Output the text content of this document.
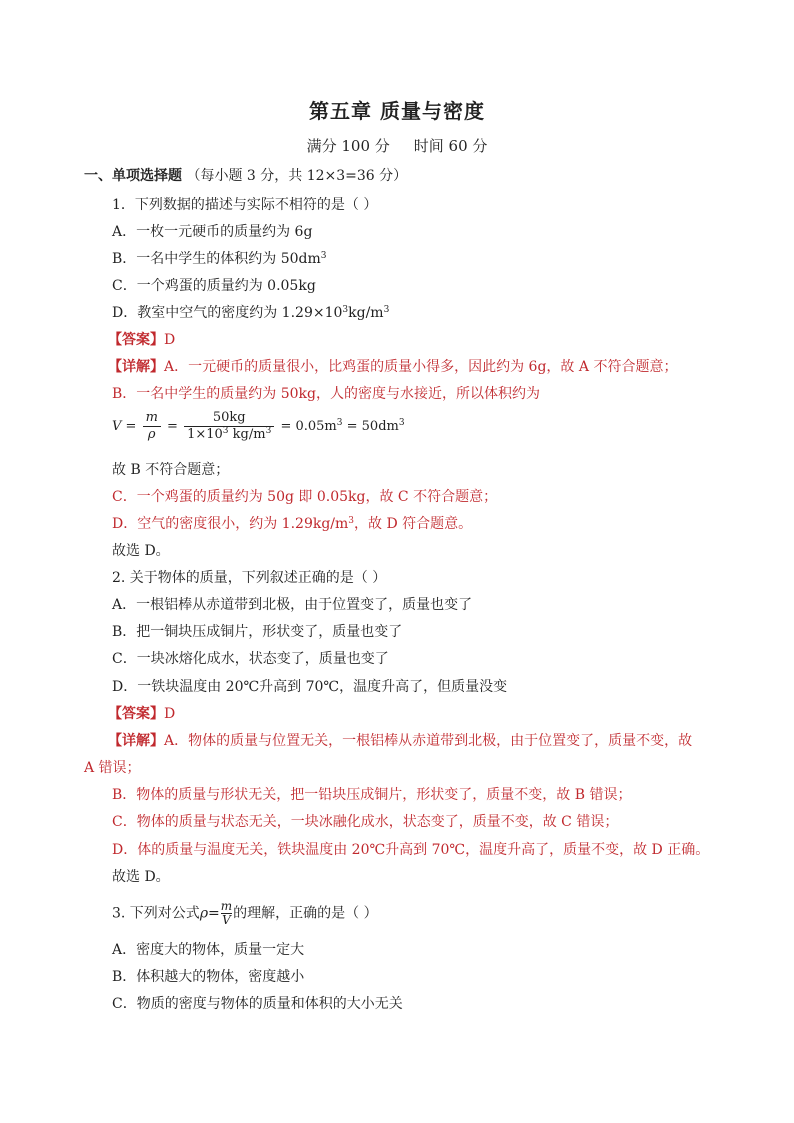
第五章 质量与密度
满分 100 分 时间 60 分
一、单项选择题 （每小题 3 分，共 12×3=36 分）
1．下列数据的描述与实际不相符的是（ ）
A．一枚一元硬币的质量约为 6g
B．一名中学生的体积约为 $50dm^3$
C．一个鸡蛋的质量约为 0.05kg
D．教室中空气的密度约为 $1.29\times 10^3kg/m^3$
【答案】D
【详解】A．一元硬币的质量很小，比鸡蛋的质量小得多，因此约为 6g，故 A 不符合题意；
B．一名中学生的质量约为 50kg，人的密度与水接近，所以体积约为
$V = \frac{m}{\rho} = \frac{50kg}{1\times 10^3 kg/m^3} = 0.05m^3 = 50dm^3$
故 B 不符合题意；
C．一个鸡蛋的质量约为 50g 即 0.05kg，故 C 不符合题意；
D．空气的密度很小，约为 $1.29kg/m^3$，故 D 符合题意。
故选 D。
2. 关于物体的质量，下列叙述正确的是（ ）
A．一根铝棒从赤道带到北极，由于位置变了，质量也变了
B．把一铜块压成铜片，形状变了，质量也变了
C．一块冰熔化成水，状态变了，质量也变了
D．一铁块温度由 20℃升高到 70℃，温度升高了，但质量没变
【答案】D
【详解】A．物体的质量与位置无关，一根铝棒从赤道带到北极，由于位置变了，质量不变，故
A 错误；
B．物体的质量与形状无关，把一铅块压成铜片，形状变了，质量不变，故 B 错误；
C．物体的质量与状态无关，一块冰融化成水，状态变了，质量不变，故 C 错误；
D．体的质量与温度无关，铁块温度由 20℃升高到 70℃，温度升高了，质量不变，故 D 正确。
故选 D。
3. 下列对公式$\rho= \frac{m}{V}$ 的理解，正确的是（ ）
A．密度大的物体，质量一定大
B．体积越大的物体，密度越小
C．物质的密度与物体的质量和体积的大小无关
